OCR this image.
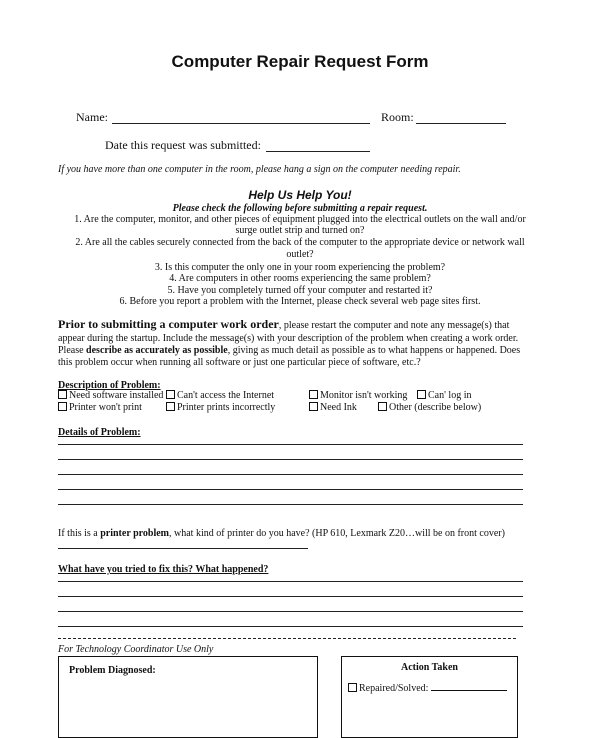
Computer Repair Request Form
Name:	Room:
Date this request was submitted:
If you have more than one computer in the room, please hang a sign on the computer needing repair.
Help Us Help You!
Please check the following before submitting a repair request.
1. Are the computer, monitor, and other pieces of equipment plugged into the electrical outlets on the wall and/or
surge outlet strip and turned on?
2. Are all the cables securely connected from the back of the computer to the appropriate device or network wall
outlet?
3. Is this computer the only one in your room experiencing the problem?
4. Are computers in other rooms experiencing the same problem?
5. Have you completely turned off your computer and restarted it?
6. Before you report a problem with the Internet, please check several web page sites first.
Prior to submitting a computer work order, please restart the computer and note any message(s) that
appear during the startup. Include the message(s) with your description of the problem when creating a work order.
Please describe as accurately as possible, giving as much detail as possible as to what happens or happened. Does
this problem occur when running all software or just one particular piece of software, etc.?
Description of Problem:
Need software installed	Can't access the Internet	Monitor isn't working	Can' log in
Printer won't print	Printer prints incorrectly	Need Ink	Other (describe below)
Details of Problem:
If this is a printer problem, what kind of printer do you have? (HP 610, Lexmark Z20…will be on front cover)
What have you tried to fix this? What happened?
For Technology Coordinator Use Only
Problem Diagnosed:	Action Taken
Repaired/Solved:
